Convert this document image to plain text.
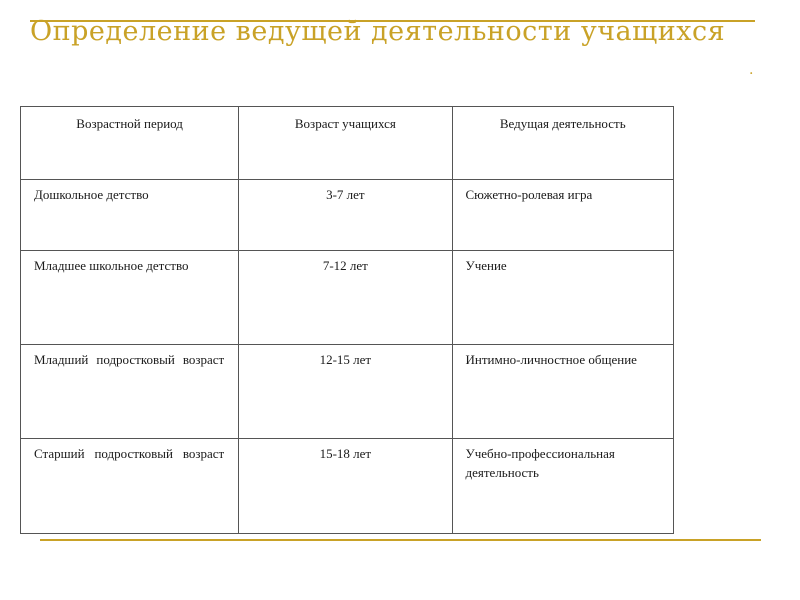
Определение ведущей деятельности учащихся
.
Возрастной период	Возраст учащихся	Ведущая деятельность
Дошкольное детство	3-7 лет	Сюжетно-ролевая игра
Младшее школьное детство	7-12 лет	Учение
Младший подростковый возраст	12-15 лет	Интимно-личностное общение
Старший подростковый возраст	15-18 лет	Учебно-профессиональная деятельность
